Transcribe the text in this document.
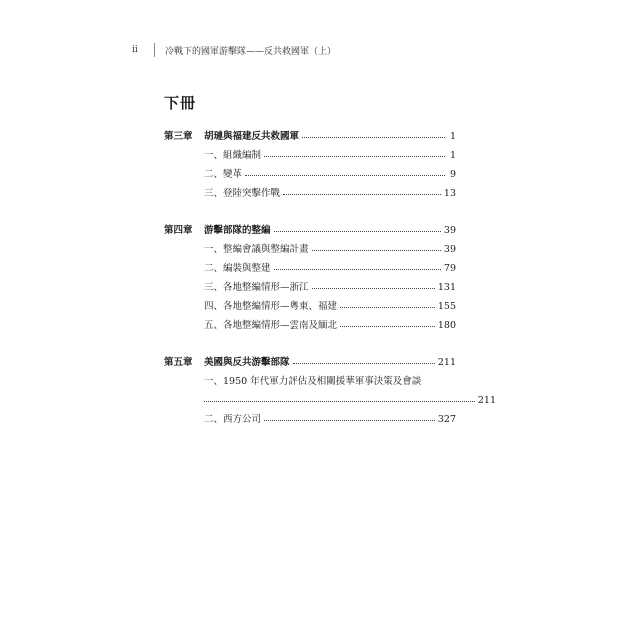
ii	冷戰下的國軍游擊隊——反共救國軍（上）
下冊
第三章	胡璉與福建反共救國軍	1
一、組織編制	1
二、變革	9
三、登陸突擊作戰	13
第四章	游擊部隊的整編	39
一、整編會議與整編計畫	39
二、編裝與整建	79
三、各地整編情形—浙江	131
四、各地整編情形—粵東、福建	155
五、各地整編情形—雲南及緬北	180
第五章	美國與反共游擊部隊	211
一、1950 年代軍力評估及相關援華軍事決策及會談
211
二、西方公司	327
